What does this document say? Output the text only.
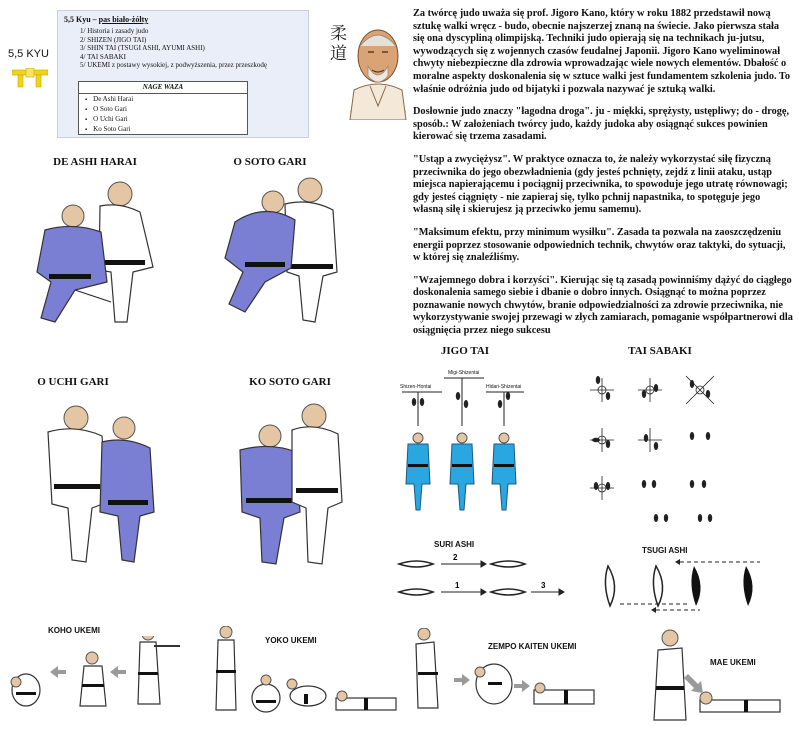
5,5 KYU
5,5 Kyu – pas biało-żółty
1/ Historia i zasady judo
2/ SHIZEN (JIGO TAI)
3/ SHIN TAI (TSUGI ASHI, AYUMI ASHI)
4/ TAI SABAKI
5/ UKEMI z postawy wysokiej, z podwyższenia, przez przeszkodę
NAGE WAZA
▪ De Ashi Harai
▪ O Soto Gari
▪ O Uchi Gari
▪ Ko Soto Gari
柔道

Za twórcę judo uważa się prof. Jigoro Kano, który w roku 1882 przedstawił nową sztukę walki wręcz - budo, obecnie najszerzej znaną na świecie. Jako pierwsza stała się ona dyscypliną olimpijską. Techniki judo opierają się na technikach ju-jutsu, wywodzących się z wojennych czasów feudalnej Japonii. Jigoro Kano wyeliminował chwyty niebezpieczne dla zdrowia wprowadzając wiele nowych elementów. Dbałość o moralne aspekty doskonalenia się w sztuce walki jest fundamentem szkolenia judo. To właśnie odróżnia judo od bijatyki i pozwala nazywać je sztuką walki.

Dosłownie judo znaczy "łagodna droga". ju - miękki, sprężysty, ustępliwy; do - drogę, sposób.: W założeniach twórcy judo, każdy judoka aby osiągnąć sukces powinien kierować się trzema zasadami.

"Ustąp a zwyciężysz". W praktyce oznacza to, że należy wykorzystać siłę fizyczną przeciwnika do jego obezwładnienia (gdy jesteś pchnięty, zejdź z linii ataku, ustąp miejsca napierającemu i pociągnij przeciwnika, to spowoduje jego utratę równowagi; gdy jesteś ciągnięty - nie zapieraj się, tylko pchnij napastnika, to spotęguje jego własną siłę i skierujesz ją przeciwko jemu samemu).

"Maksimum efektu, przy minimum wysiłku". Zasada ta pozwala na zaoszczędzeniu energii poprzez stosowanie odpowiednich technik, chwytów oraz taktyki, do sytuacji, w której się znaleźliśmy.

"Wzajemnego dobra i korzyści". Kierując się tą zasadą powinniśmy dążyć do ciągłego doskonalenia samego siebie i dbanie o dobro innych. Osiągnąć to można poprzez poznawanie nowych chwytów, branie odpowiedzialności za zdrowie przeciwnika, nie wykorzystywanie swojej przewagi w złych zamiarach, pomaganie współpartnerowi dla osiągnięcia przez niego sukcesu

DE ASHI HARAI	O SOTO GARI
O UCHI GARI	KO SOTO GARI
JIGO TAI
Shizen-Hontai
Migi-Shizentai
Hidari-Shizentai
TAI SABAKI
SURI ASHI
2
1	3
TSUGI ASHI
KOHO UKEMI
YOKO UKEMI
ZEMPO KAITEN UKEMI
MAE UKEMI
